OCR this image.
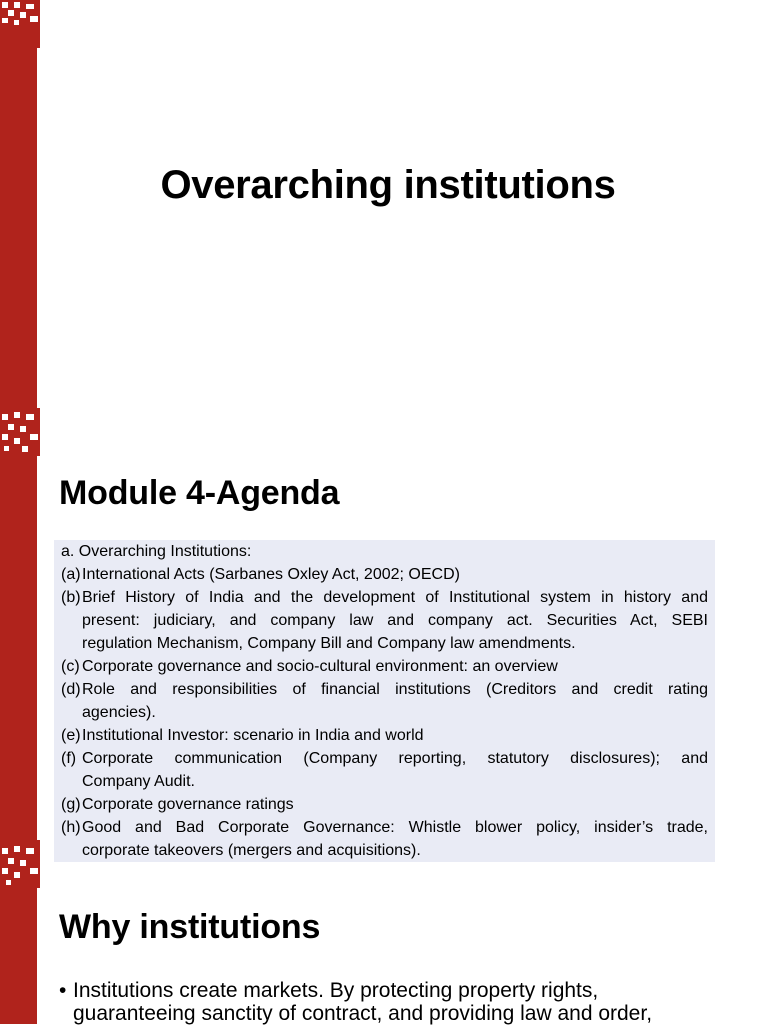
Overarching institutions
Module 4-Agenda
a. Overarching Institutions:
(a) International Acts (Sarbanes Oxley Act, 2002; OECD)
(b) Brief History of India and the development of Institutional system in history and
present: judiciary, and company law and company act. Securities Act, SEBI
regulation Mechanism, Company Bill and Company law amendments.
(c) Corporate governance and socio-cultural environment: an overview
(d) Role and responsibilities of financial institutions (Creditors and credit rating
agencies).
(e) Institutional Investor: scenario in India and world
(f) Corporate communication (Company reporting, statutory disclosures); and
Company Audit.
(g) Corporate governance ratings
(h) Good and Bad Corporate Governance: Whistle blower policy, insider’s trade,
corporate takeovers (mergers and acquisitions).
Why institutions
• Institutions create markets. By protecting property rights,
guaranteeing sanctity of contract, and providing law and order,
